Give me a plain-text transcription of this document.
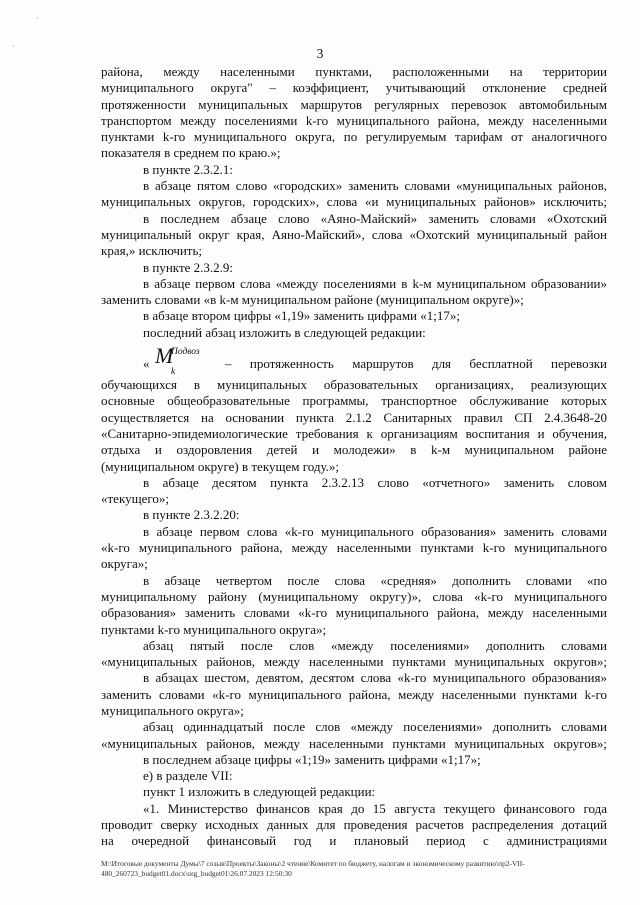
·
·
3
района, между населенными пунктами, расположенными на территории
муниципального округа" – коэффициент, учитывающий отклонение средней
протяженности муниципальных маршрутов регулярных перевозок автомобильным
транспортом между поселениями k-го муниципального района, между населенными
пунктами k-го муниципального округа, по регулируемым тарифам от аналогичного
показателя в среднем по краю.»;
в пункте 2.3.2.1:
в абзаце пятом слово «городских» заменить словами «муниципальных районов,
муниципальных округов, городских», слова «и муниципальных районов» исключить;
в последнем абзаце слово «Аяно-Майский» заменить словами «Охотский
муниципальный округ края, Аяно-Майский», слова «Охотский муниципальный район
края,» исключить;
в пункте 2.3.2.9:
в абзаце первом слова «между поселениями в k-м муниципальном образовании»
заменить словами «в k-м муниципальном районе (муниципальном округе)»;
в абзаце втором цифры «1,19» заменить цифрами «1;17»;
последний абзац изложить в следующей редакции:
« M
Подвоз
k
– протяженность маршрутов для бесплатной перевозки
обучающихся в муниципальных образовательных организациях, реализующих
основные общеобразовательные программы, транспортное обслуживание которых
осуществляется на основании пункта 2.1.2 Санитарных правил СП 2.4.3648-20
«Санитарно-эпидемиологические требования к организациям воспитания и обучения,
отдыха и оздоровления детей и молодежи» в k-м муниципальном районе
(муниципальном округе) в текущем году.»;
в абзаце десятом пункта 2.3.2.13 слово «отчетного» заменить словом
«текущего»;
в пункте 2.3.2.20:
в абзаце первом слова «k-го муниципального образования» заменить словами
«k-го муниципального района, между населенными пунктами k-го муниципального
округа»;
в абзаце четвертом после слова «средняя» дополнить словами «по
муниципальному району (муниципальному округу)», слова «k-го муниципального
образования» заменить словами «k-го муниципального района, между населенными
пунктами k-го муниципального округа»;
абзац пятый после слов «между поселениями» дополнить словами
«муниципальных районов, между населенными пунктами муниципальных округов»;
в абзацах шестом, девятом, десятом слова «k-го муниципального образования»
заменить словами «k-го муниципального района, между населенными пунктами k-го
муниципального округа»;
абзац одиннадцатый после слов «между поселениями» дополнить словами
«муниципальных районов, между населенными пунктами муниципальных округов»;
в последнем абзаце цифры «1;19» заменить цифрами «1;17»;
е) в разделе VII:
пункт 1 изложить в следующей редакции:
«1. Министерство финансов края до 15 августа текущего финансового года
проводит сверку исходных данных для проведения расчетов распределения дотаций
на очередной финансовый год и плановый период с администрациями
M:\Итоговые документы Думы\7 созыв\Проекты\Законы\2 чтение\Комитет по бюджету, налогам и экономическому развитию\пр2-VII-
480_260723_budget01.docx\org_budget01\26.07.2023 12:50:30
